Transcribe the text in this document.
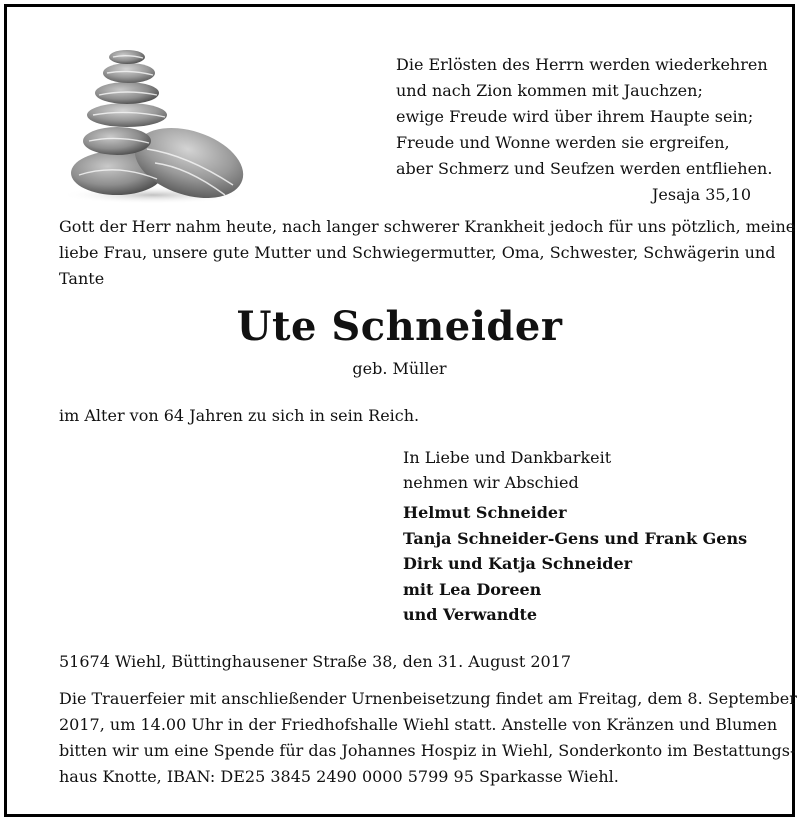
Die Erlösten des Herrn werden wiederkehren
und nach Zion kommen mit Jauchzen;
ewige Freude wird über ihrem Haupte sein;
Freude und Wonne werden sie ergreifen,
aber Schmerz und Seufzen werden entfliehen.
Jesaja 35,10
Gott der Herr nahm heute, nach langer schwerer Krankheit jedoch für uns pötzlich, meine
liebe Frau, unsere gute Mutter und Schwiegermutter, Oma, Schwester, Schwägerin und
Tante
Ute Schneider
geb. Müller
im Alter von 64 Jahren zu sich in sein Reich.
In Liebe und Dankbarkeit
nehmen wir Abschied
Helmut Schneider
Tanja Schneider-Gens und Frank Gens
Dirk und Katja Schneider
mit Lea Doreen
und Verwandte
51674 Wiehl, Büttinghausener Straße 38, den 31. August 2017
Die Trauerfeier mit anschließender Urnenbeisetzung findet am Freitag, dem 8. September
2017, um 14.00 Uhr in der Friedhofshalle Wiehl statt. Anstelle von Kränzen und Blumen
bitten wir um eine Spende für das Johannes Hospiz in Wiehl, Sonderkonto im Bestattungs-
haus Knotte, IBAN: DE25 3845 2490 0000 5799 95 Sparkasse Wiehl.
